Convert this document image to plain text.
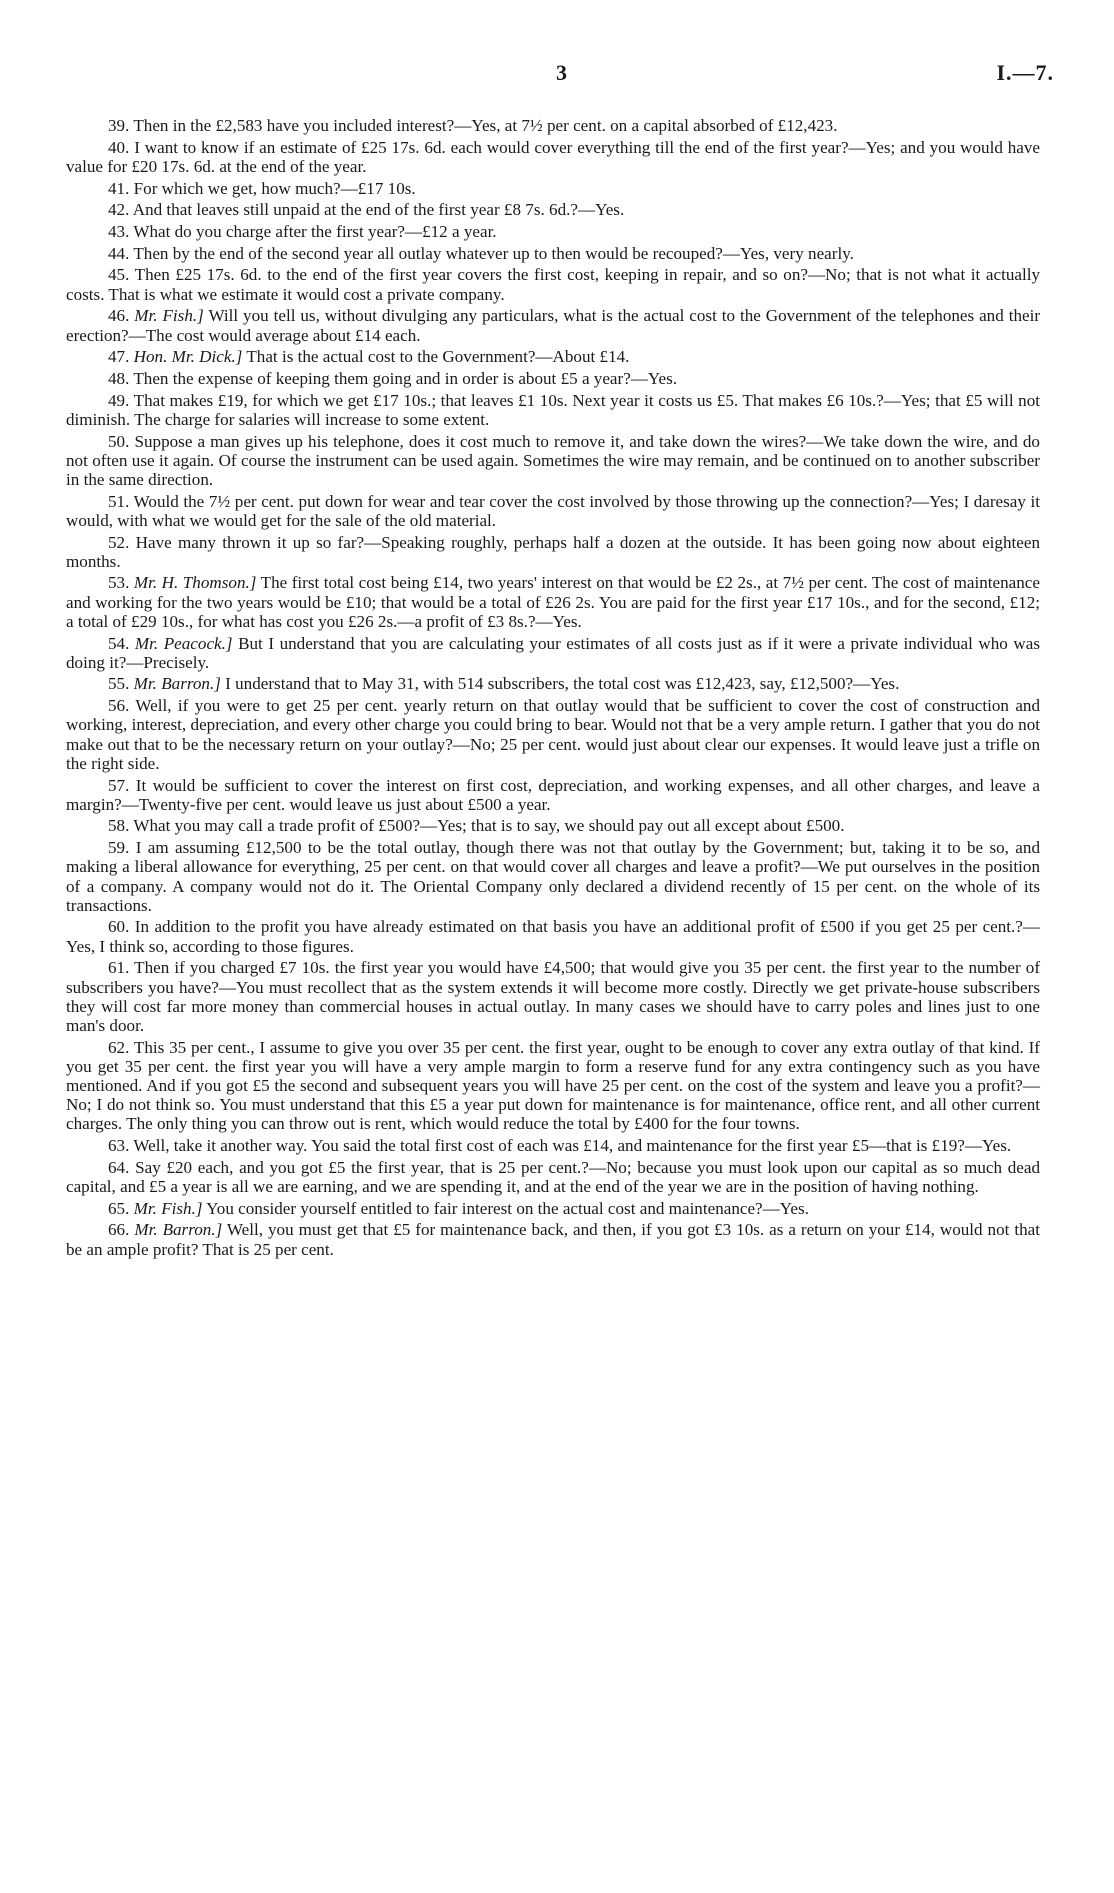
3	I.—7.

39. Then in the £2,583 have you included interest?—Yes, at 7½ per cent. on a capital absorbed of £12,423.

40. I want to know if an estimate of £25 17s. 6d. each would cover everything till the end of the first year?—Yes; and you would have value for £20 17s. 6d. at the end of the year.

41. For which we get, how much?—£17 10s.

42. And that leaves still unpaid at the end of the first year £8 7s. 6d.?—Yes.

43. What do you charge after the first year?—£12 a year.

44. Then by the end of the second year all outlay whatever up to then would be recouped?—Yes, very nearly.

45. Then £25 17s. 6d. to the end of the first year covers the first cost, keeping in repair, and so on?—No; that is not what it actually costs. That is what we estimate it would cost a private company.

46. Mr. Fish.] Will you tell us, without divulging any particulars, what is the actual cost to the Government of the telephones and their erection?—The cost would average about £14 each.

47. Hon. Mr. Dick.] That is the actual cost to the Government?—About £14.

48. Then the expense of keeping them going and in order is about £5 a year?—Yes.

49. That makes £19, for which we get £17 10s.; that leaves £1 10s. Next year it costs us £5. That makes £6 10s.?—Yes; that £5 will not diminish. The charge for salaries will increase to some extent.

50. Suppose a man gives up his telephone, does it cost much to remove it, and take down the wires?—We take down the wire, and do not often use it again. Of course the instrument can be used again. Sometimes the wire may remain, and be continued on to another subscriber in the same direction.

51. Would the 7½ per cent. put down for wear and tear cover the cost involved by those throwing up the connection?—Yes; I daresay it would, with what we would get for the sale of the old material.

52. Have many thrown it up so far?—Speaking roughly, perhaps half a dozen at the outside. It has been going now about eighteen months.

53. Mr. H. Thomson.] The first total cost being £14, two years' interest on that would be £2 2s., at 7½ per cent. The cost of maintenance and working for the two years would be £10; that would be a total of £26 2s. You are paid for the first year £17 10s., and for the second, £12; a total of £29 10s., for what has cost you £26 2s.—a profit of £3 8s.?—Yes.

54. Mr. Peacock.] But I understand that you are calculating your estimates of all costs just as if it were a private individual who was doing it?—Precisely.

55. Mr. Barron.] I understand that to May 31, with 514 subscribers, the total cost was £12,423, say, £12,500?—Yes.

56. Well, if you were to get 25 per cent. yearly return on that outlay would that be sufficient to cover the cost of construction and working, interest, depreciation, and every other charge you could bring to bear. Would not that be a very ample return. I gather that you do not make out that to be the necessary return on your outlay?—No; 25 per cent. would just about clear our expenses. It would leave just a trifle on the right side.

57. It would be sufficient to cover the interest on first cost, depreciation, and working expenses, and all other charges, and leave a margin?—Twenty-five per cent. would leave us just about £500 a year.

58. What you may call a trade profit of £500?—Yes; that is to say, we should pay out all except about £500.

59. I am assuming £12,500 to be the total outlay, though there was not that outlay by the Government; but, taking it to be so, and making a liberal allowance for everything, 25 per cent. on that would cover all charges and leave a profit?—We put ourselves in the position of a company. A company would not do it. The Oriental Company only declared a dividend recently of 15 per cent. on the whole of its transactions.

60. In addition to the profit you have already estimated on that basis you have an additional profit of £500 if you get 25 per cent.?—Yes, I think so, according to those figures.

61. Then if you charged £7 10s. the first year you would have £4,500; that would give you 35 per cent. the first year to the number of subscribers you have?—You must recollect that as the system extends it will become more costly. Directly we get private-house subscribers they will cost far more money than commercial houses in actual outlay. In many cases we should have to carry poles and lines just to one man's door.

62. This 35 per cent., I assume to give you over 35 per cent. the first year, ought to be enough to cover any extra outlay of that kind. If you get 35 per cent. the first year you will have a very ample margin to form a reserve fund for any extra contingency such as you have mentioned. And if you got £5 the second and subsequent years you will have 25 per cent. on the cost of the system and leave you a profit?—No; I do not think so. You must understand that this £5 a year put down for maintenance is for maintenance, office rent, and all other current charges. The only thing you can throw out is rent, which would reduce the total by £400 for the four towns.

63. Well, take it another way. You said the total first cost of each was £14, and maintenance for the first year £5—that is £19?—Yes.

64. Say £20 each, and you got £5 the first year, that is 25 per cent.?—No; because you must look upon our capital as so much dead capital, and £5 a year is all we are earning, and we are spending it, and at the end of the year we are in the position of having nothing.

65. Mr. Fish.] You consider yourself entitled to fair interest on the actual cost and maintenance?—Yes.

66. Mr. Barron.] Well, you must get that £5 for maintenance back, and then, if you got £3 10s. as a return on your £14, would not that be an ample profit? That is 25 per cent.
